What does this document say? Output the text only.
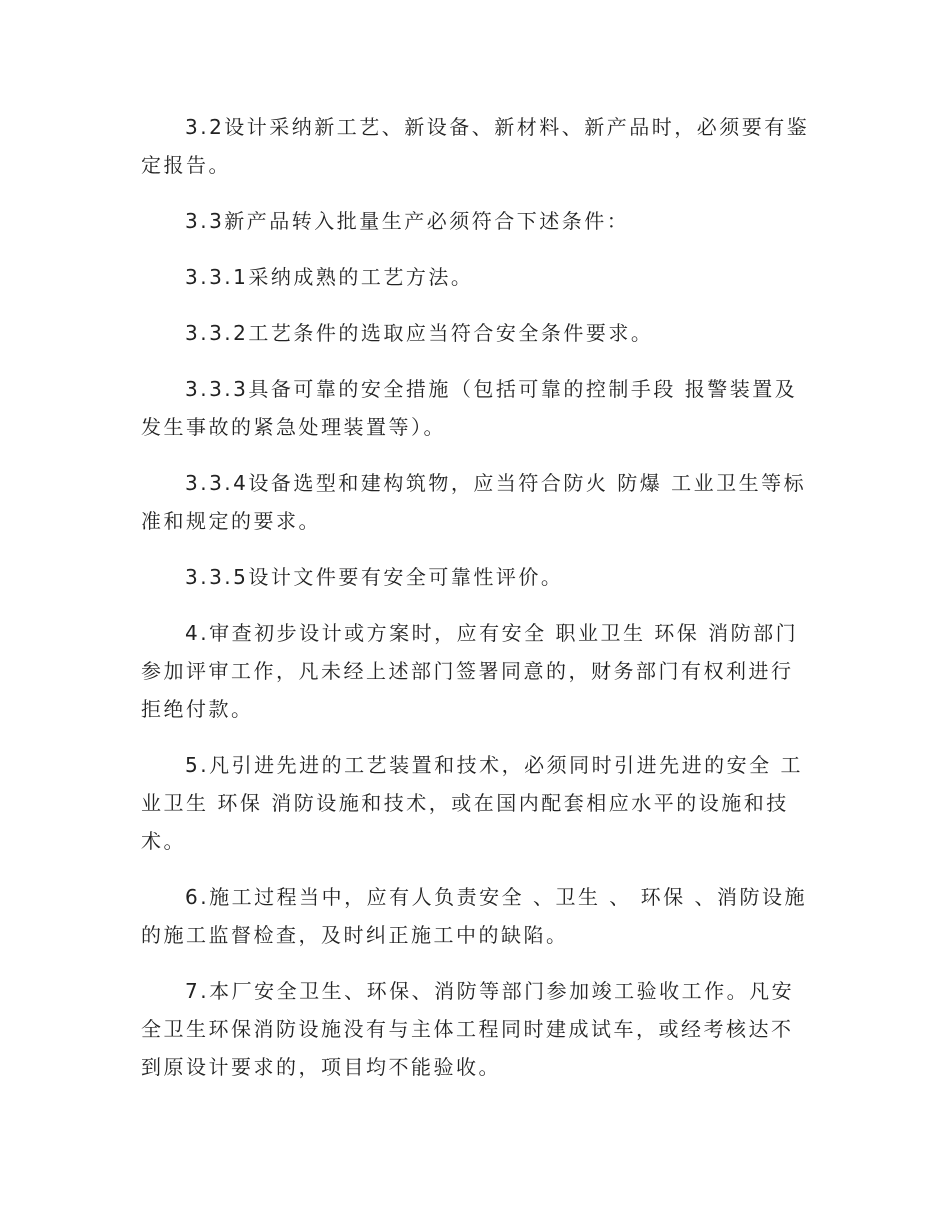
3.2设计采纳新工艺、新设备、新材料、新产品时，必须要有鉴定报告。

3.3新产品转入批量生产必须符合下述条件：

3.3.1采纳成熟的工艺方法。

3.3.2工艺条件的选取应当符合安全条件要求。

3.3.3具备可靠的安全措施（包括可靠的控制手段 报警装置及发生事故的紧急处理装置等）。

3.3.4设备选型和建构筑物，应当符合防火 防爆 工业卫生等标准和规定的要求。

3.3.5设计文件要有安全可靠性评价。

4.审查初步设计或方案时，应有安全 职业卫生 环保 消防部门参加评审工作，凡未经上述部门签署同意的，财务部门有权利进行拒绝付款。

5.凡引进先进的工艺装置和技术，必须同时引进先进的安全 工业卫生 环保 消防设施和技术，或在国内配套相应水平的设施和技术。

6.施工过程当中，应有人负责安全 、卫生 、 环保 、消防设施的施工监督检查，及时纠正施工中的缺陷。

7.本厂安全卫生、环保、消防等部门参加竣工验收工作。凡安全卫生环保消防设施没有与主体工程同时建成试车，或经考核达不到原设计要求的，项目均不能验收。
